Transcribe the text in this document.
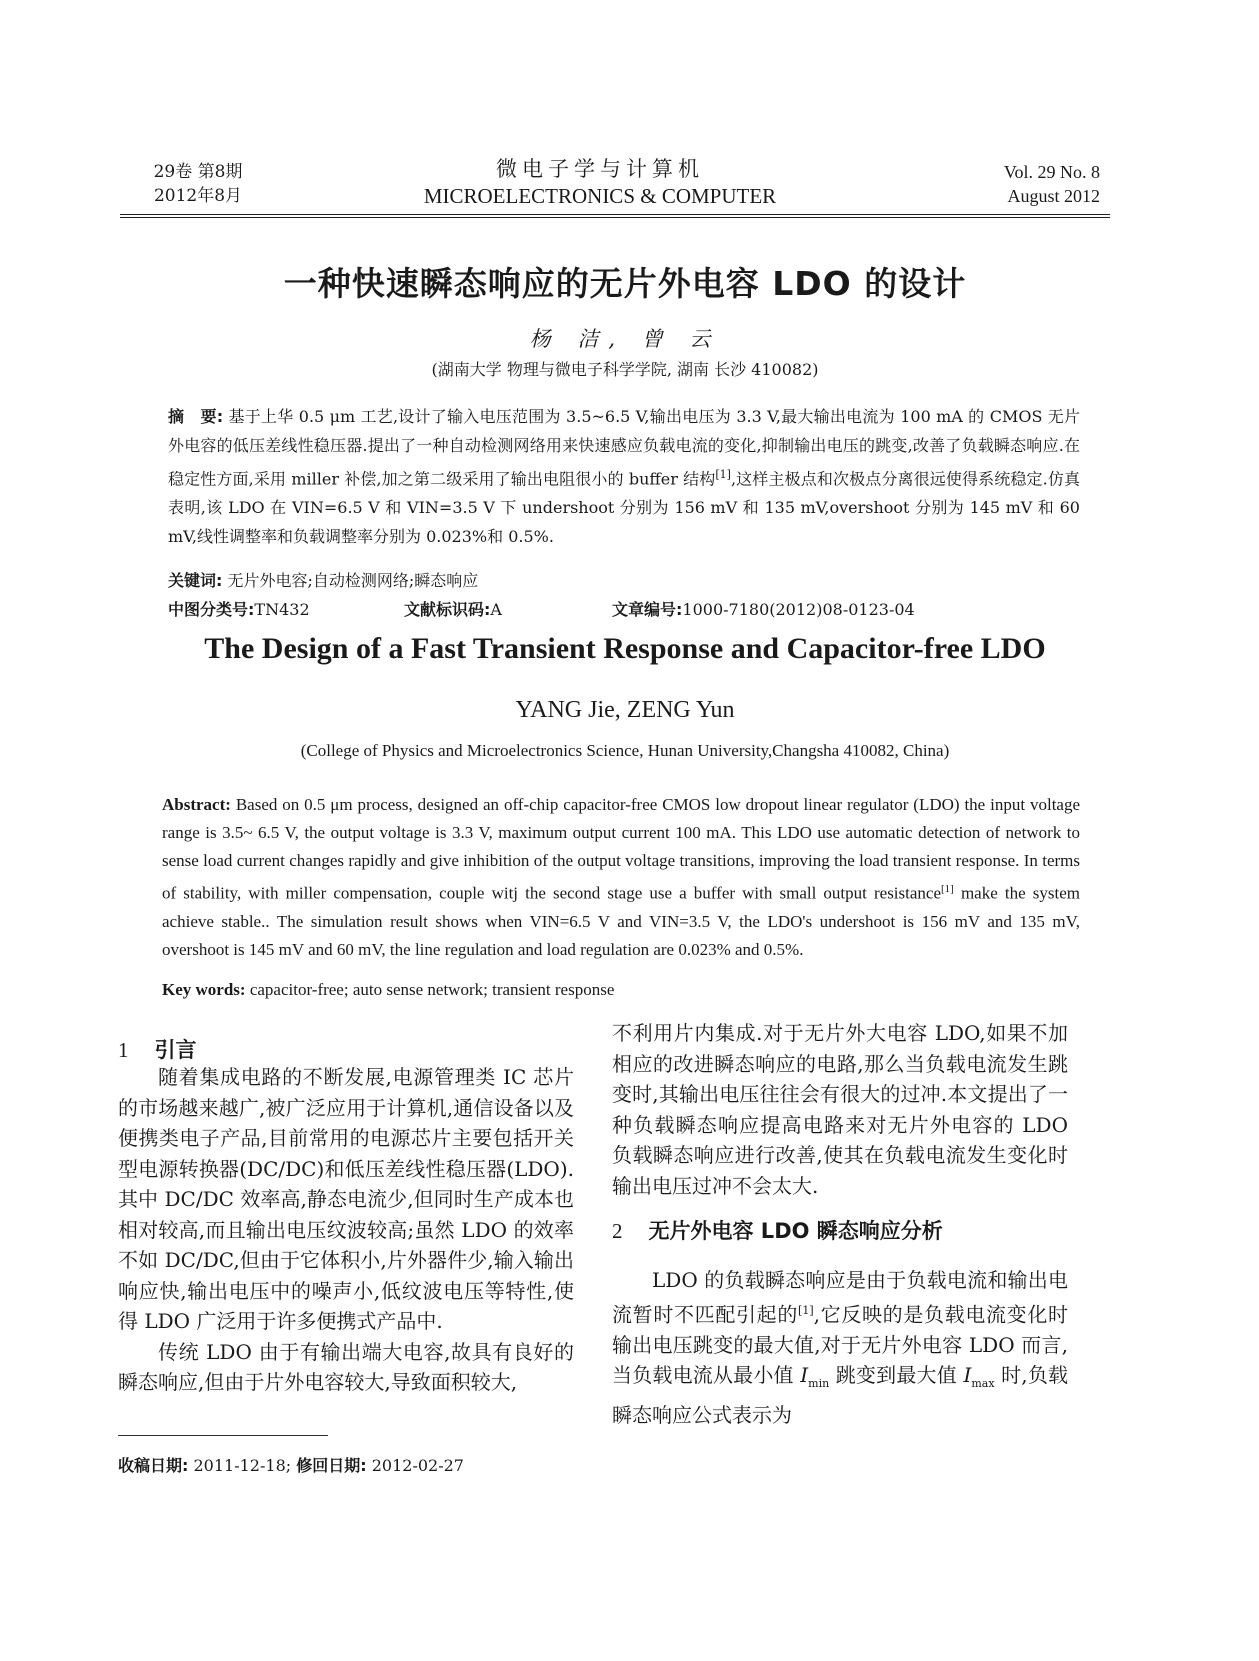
29卷 第8期
2012年8月
微电子学与计算机
MICROELECTRONICS & COMPUTER
Vol. 29 No. 8
August 2012
一种快速瞬态响应的无片外电容 LDO 的设计
杨 洁, 曾 云
(湖南大学 物理与微电子科学学院, 湖南 长沙 410082)
摘　要: 基于上华 0.5 μm 工艺,设计了输入电压范围为 3.5~6.5 V,输出电压为 3.3 V,最大输出电流为 100 mA 的 CMOS 无片外电容的低压差线性稳压器.提出了一种自动检测网络用来快速感应负载电流的变化,抑制输出电压的跳变,改善了负载瞬态响应.在稳定性方面,采用 miller 补偿,加之第二级采用了输出电阻很小的 buffer 结构[1],这样主极点和次极点分离很远使得系统稳定.仿真表明,该 LDO 在 VIN=6.5 V 和 VIN=3.5 V 下 undershoot 分别为 156 mV 和 135 mV,overshoot 分别为 145 mV 和 60 mV,线性调整率和负载调整率分别为 0.023%和 0.5%.
关键词: 无片外电容;自动检测网络;瞬态响应
中图分类号:TN432	文献标识码:A	文章编号:1000-7180(2012)08-0123-04
The Design of a Fast Transient Response and Capacitor-free LDO
YANG Jie, ZENG Yun
(College of Physics and Microelectronics Science, Hunan University,Changsha 410082, China)
Abstract: Based on 0.5 μm process, designed an off-chip capacitor-free CMOS low dropout linear regulator (LDO) the input voltage range is 3.5~ 6.5 V, the output voltage is 3.3 V, maximum output current 100 mA. This LDO use automatic detection of network to sense load current changes rapidly and give inhibition of the output voltage transitions, improving the load transient response. In terms of stability, with miller compensation, couple witj the second stage use a buffer with small output resistance[1] make the system achieve stable.. The simulation result shows when VIN=6.5 V and VIN=3.5 V, the LDO's undershoot is 156 mV and 135 mV, overshoot is 145 mV and 60 mV, the line regulation and load regulation are 0.023% and 0.5%.
Key words: capacitor-free; auto sense network; transient response
1 引言

随着集成电路的不断发展,电源管理类 IC 芯片的市场越来越广,被广泛应用于计算机,通信设备以及便携类电子产品,目前常用的电源芯片主要包括开关型电源转换器(DC/DC)和低压差线性稳压器(LDO).其中 DC/DC 效率高,静态电流少,但同时生产成本也相对较高,而且输出电压纹波较高;虽然 LDO 的效率不如 DC/DC,但由于它体积小,片外器件少,输入输出响应快,输出电压中的噪声小,低纹波电压等特性,使得 LDO 广泛用于许多便携式产品中.

传统 LDO 由于有输出端大电容,故具有良好的瞬态响应,但由于片外电容较大,导致面积较大,

不利用片内集成.对于无片外大电容 LDO,如果不加相应的改进瞬态响应的电路,那么当负载电流发生跳变时,其输出电压往往会有很大的过冲.本文提出了一种负载瞬态响应提高电路来对无片外电容的 LDO 负载瞬态响应进行改善,使其在负载电流发生变化时输出电压过冲不会太大.

2 无片外电容 LDO 瞬态响应分析

LDO 的负载瞬态响应是由于负载电流和输出电流暂时不匹配引起的[1],它反映的是负载电流变化时输出电压跳变的最大值,对于无片外电容 LDO 而言,当负载电流从最小值 $I_{min}$ 跳变到最大值 $I_{max}$ 时,负载瞬态响应公式表示为

收稿日期: 2011-12-18; 修回日期: 2012-02-27
